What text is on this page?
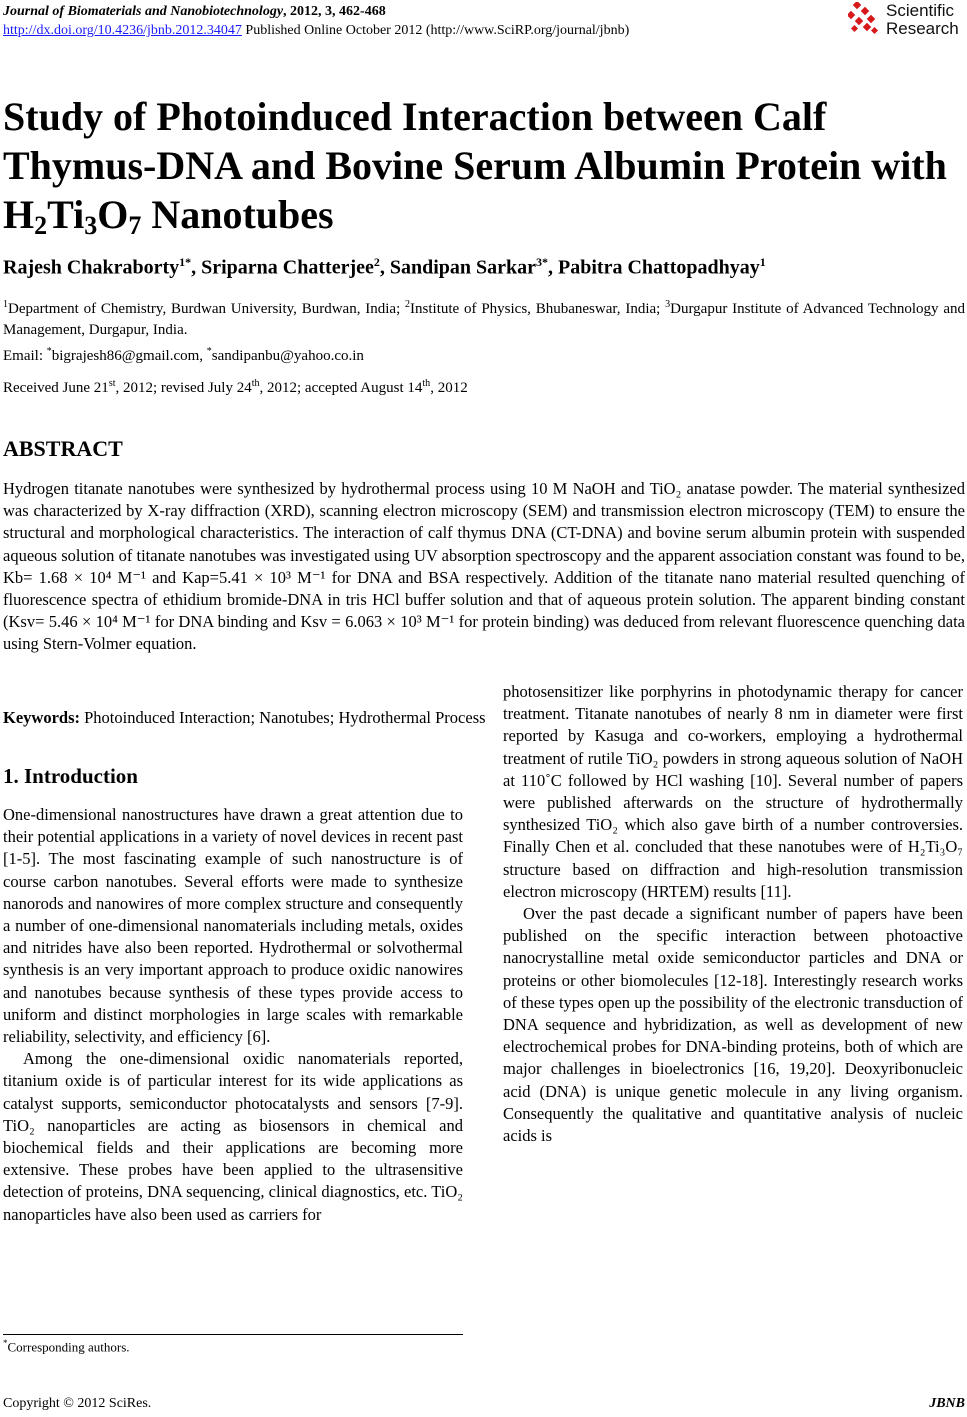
Journal of Biomaterials and Nanobiotechnology, 2012, 3, 462-468
http://dx.doi.org/10.4236/jbnb.2012.34047 Published Online October 2012 (http://www.SciRP.org/journal/jbnb)
Scientific
Research
Study of Photoinduced Interaction between Calf
Thymus-DNA and Bovine Serum Albumin Protein with
$H_2Ti_3O_7$ Nanotubes
Rajesh Chakraborty$^{1*}$, Sriparna Chatterjee$^2$, Sandipan Sarkar$^{3*}$, Pabitra Chattopadhyay$^1$
$^1$Department of Chemistry, Burdwan University, Burdwan, India; $^2$Institute of Physics, Bhubaneswar, India; $^3$Durgapur Institute of Advanced Technology and Management, Durgapur, India.
Email: *bigrajesh86@gmail.com, *sandipanbu@yahoo.co.in
Received June 21st, 2012; revised July 24th, 2012; accepted August 14th, 2012
ABSTRACT
Hydrogen titanate nanotubes were synthesized by hydrothermal process using 10 M NaOH and TiO₂ anatase powder. The material synthesized was characterized by X-ray diffraction (XRD), scanning electron microscopy (SEM) and transmission electron microscopy (TEM) to ensure the structural and morphological characteristics. The interaction of calf thymus DNA (CT-DNA) and bovine serum albumin protein with suspended aqueous solution of titanate nanotubes was investigated using UV absorption spectroscopy and the apparent association constant was found to be, Kb= 1.68 × 10⁴ M⁻¹ and Kap=5.41 × 10³ M⁻¹ for DNA and BSA respectively. Addition of the titanate nano material resulted quenching of fluorescence spectra of ethidium bromide-DNA in tris HCl buffer solution and that of aqueous protein solution. The apparent binding constant (Ksv= 5.46 × 10⁴ M⁻¹ for DNA binding and Ksv = 6.063 × 10³ M⁻¹ for protein binding) was deduced from relevant fluorescence quenching data using Stern-Volmer equation.
Keywords: Photoinduced Interaction; Nanotubes; Hydrothermal Process
1. Introduction

One-dimensional nanostructures have drawn a great attention due to their potential applications in a variety of novel devices in recent past [1-5]. The most fascinating example of such nanostructure is of course carbon nanotubes. Several efforts were made to synthesize nanorods and nanowires of more complex structure and consequently a number of one-dimensional nanomaterials including metals, oxides and nitrides have also been reported. Hydrothermal or solvothermal synthesis is an very important approach to produce oxidic nanowires and nanotubes because synthesis of these types provide access to uniform and distinct morphologies in large scales with remarkable reliability, selectivity, and efficiency [6].

Among the one-dimensional oxidic nanomaterials reported, titanium oxide is of particular interest for its wide applications as catalyst supports, semiconductor photocatalysts and sensors [7-9]. TiO₂ nanoparticles are acting as biosensors in chemical and biochemical fields and their applications are becoming more extensive. These probes have been applied to the ultrasensitive detection of proteins, DNA sequencing, clinical diagnostics, etc. TiO₂ nanoparticles have also been used as carriers for

photosensitizer like porphyrins in photodynamic therapy for cancer treatment. Titanate nanotubes of nearly 8 nm in diameter were first reported by Kasuga and co-workers, employing a hydrothermal treatment of rutile TiO₂ powders in strong aqueous solution of NaOH at 110˚C followed by HCl washing [10]. Several number of papers were published afterwards on the structure of hydrothermally synthesized TiO₂ which also gave birth of a number controversies. Finally Chen et al. concluded that these nanotubes were of H₂Ti₃O₇ structure based on diffraction and high-resolution transmission electron microscopy (HRTEM) results [11].

Over the past decade a significant number of papers have been published on the specific interaction between photoactive nanocrystalline metal oxide semiconductor particles and DNA or proteins or other biomolecules [12-18]. Interestingly research works of these types open up the possibility of the electronic transduction of DNA sequence and hybridization, as well as development of new electrochemical probes for DNA-binding proteins, both of which are major challenges in bioelectronics [16, 19,20]. Deoxyribonucleic acid (DNA) is unique genetic molecule in any living organism. Consequently the qualitative and quantitative analysis of nucleic acids is

*Corresponding authors.
Copyright © 2012 SciRes.	JBNB
